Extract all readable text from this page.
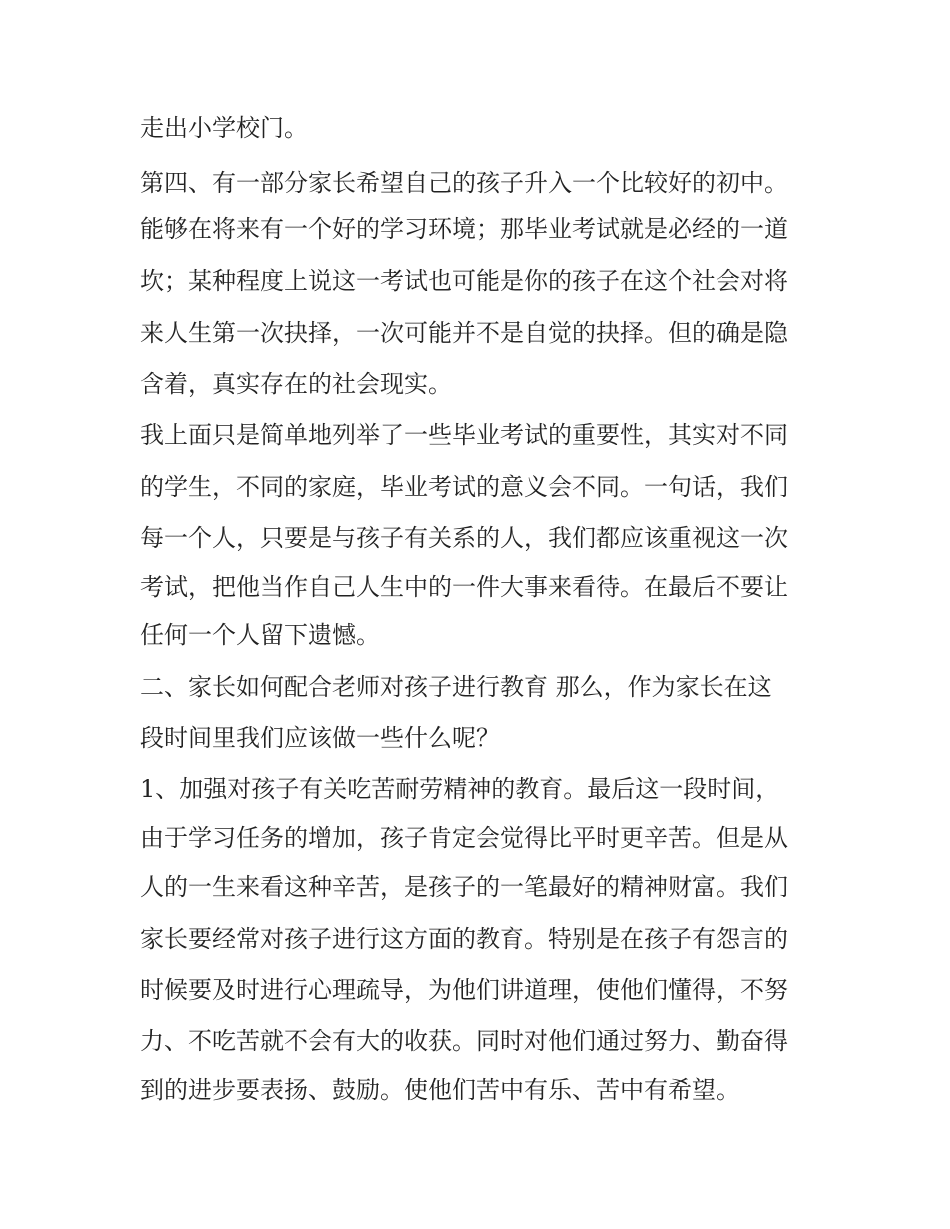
走出小学校门。
第四、有一部分家长希望自己的孩子升入一个比较好的初中。
能够在将来有一个好的学习环境；那毕业考试就是必经的一道
坎；某种程度上说这一考试也可能是你的孩子在这个社会对将
来人生第一次抉择，一次可能并不是自觉的抉择。但的确是隐
含着，真实存在的社会现实。
我上面只是简单地列举了一些毕业考试的重要性，其实对不同
的学生，不同的家庭，毕业考试的意义会不同。一句话，我们
每一个人，只要是与孩子有关系的人，我们都应该重视这一次
考试，把他当作自己人生中的一件大事来看待。在最后不要让
任何一个人留下遗憾。
二、家长如何配合老师对孩子进行教育 那么，作为家长在这
段时间里我们应该做一些什么呢？
1、加强对孩子有关吃苦耐劳精神的教育。最后这一段时间，
由于学习任务的增加，孩子肯定会觉得比平时更辛苦。但是从
人的一生来看这种辛苦，是孩子的一笔最好的精神财富。我们
家长要经常对孩子进行这方面的教育。特别是在孩子有怨言的
时候要及时进行心理疏导，为他们讲道理，使他们懂得，不努
力、不吃苦就不会有大的收获。同时对他们通过努力、勤奋得
到的进步要表扬、鼓励。使他们苦中有乐、苦中有希望。
